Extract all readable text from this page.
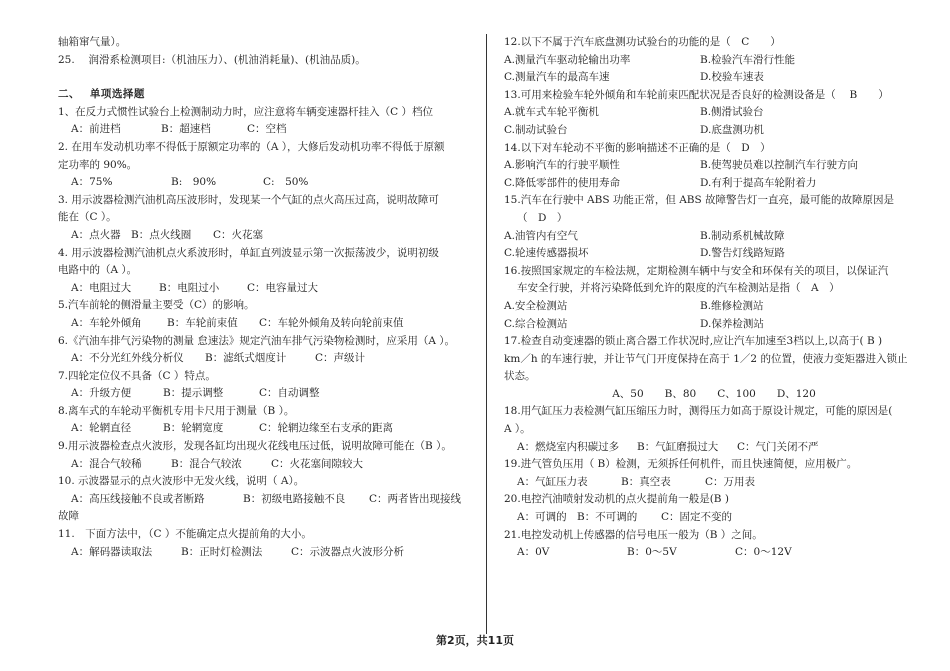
轴箱窜气量）。
25.　 润滑系检测项目:（机油压力）、(机油消耗量)、(机油品质)。
二、　 单项选择题
1、在反力式惯性试验台上检测制动力时，应注意将车辆变速器杆挂入（C ）档位
A：前进档	B：超速档	C：空档
2. 在用车发动机功率不得低于原额定功率的（A ），大修后发动机功率不得低于原额
定功率的 90%。
A：75%	B:　90%	C:　50%
3. 用示波器检测汽油机高压波形时，发现某一个气缸的点火高压过高，说明故障可
能在（C ）。
A：点火器 B：点火线圈	C：火花塞
4. 用示波器检测汽油机点火系波形时，单缸直列波显示第一次振荡波少，说明初级
电路中的（A ）。
A：电阻过大	B：电阻过小	C：电容量过大
5.汽车前轮的侧滑量主要受（C）的影响。
A：车轮外倾角	B：车轮前束值	C：车轮外倾角及转向轮前束值
6.《汽油车排气污染物的测量 怠速法》规定汽油车排气污染物检测时，应采用（A ）。
A：不分光红外线分析仪	B：滤纸式烟度计	C：声级计
7.四轮定位仪不具备（C ）特点。
A：升级方便	B：提示调整	C：自动调整
8.离车式的车轮动平衡机专用卡尺用于测量（B ）。
A：轮辋直径	B：轮辋宽度	C：轮辋边缘至右支承的距离
9.用示波器检查点火波形，发现各缸均出现火花线电压过低，说明故障可能在（B ）。
A：混合气较稀	B：混合气较浓	C：火花塞间隙较大
10. 示波器显示的点火波形中无发火线，说明（ A）。
A：高压线接触不良或者断路	B：初级电路接触不良	C：两者皆出现接线
故障
11.　下面方法中，（C ）不能确定点火提前角的大小。
A：解码器读取法	B：正时灯检测法	C：示波器点火波形分析
12.以下不属于汽车底盘测功试验台的功能的是（　C　　）
A.测量汽车驱动轮输出功率	B.检验汽车滑行性能
C.测量汽车的最高车速	D.校验车速表
13.可用来检验车轮外倾角和车轮前束匹配状况是否良好的检测设备是（　 B　　）
A.就车式车轮平衡机	B.侧滑试验台
C.制动试验台	D.底盘测功机
14.以下对车轮动不平衡的影响描述不正确的是（　D　）
A.影响汽车的行驶平顺性	B.使驾驶员难以控制汽车行驶方向
C.降低零部件的使用寿命	D.有利于提高车轮附着力
15.汽车在行驶中 ABS 功能正常，但 ABS 故障警告灯一直亮，最可能的故障原因是
（　D　）
A.油管内有空气	B.制动系机械故障
C.轮速传感器损坏	D.警告灯线路短路
16.按照国家规定的车检法规，定期检测车辆中与安全和环保有关的项目，以保证汽
车安全行驶，并将污染降低到允许的限度的汽车检测站是指（　A　）
A.安全检测站	B.维修检测站
C.综合检测站	D.保养检测站
17.检查自动变速器的锁止离合器工作状况时,应让汽车加速至3档以上,以高于( B )
km／h 的车速行驶，并让节气门开度保持在高于 1／2 的位置，使液力变矩器进入锁止
状态。
A、50　　B、80　　C、100　　D、120
18.用气缸压力表检测气缸压缩压力时，测得压力如高于原设计规定，可能的原因是(
A ）。
A：燃烧室内积碳过多	B：气缸磨损过大	C：气门关闭不严
19.进气管负压用（ B）检测，无须拆任何机件，而且快速简便，应用极广。
A：气缸压力表	B：真空表	C：万用表
20.电控汽油喷射发动机的点火提前角一般是(B )
A：可调的 B：不可调的	C：固定不变的
21.电控发动机上传感器的信号电压一般为（B ）之间。
A：0V	B：0～5V	C：0～12V
第2页，共11页
